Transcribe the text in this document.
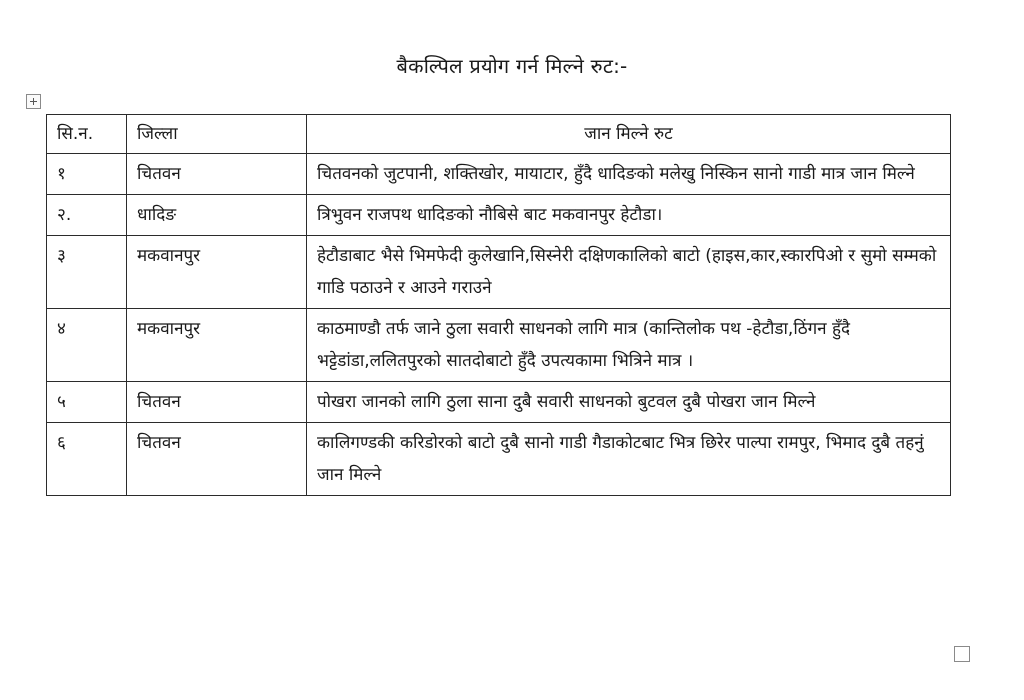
बैकल्पिल प्रयोग गर्न मिल्ने रुट:-
सि.न.	जिल्ला	जान मिल्ने रुट
१	चितवन	चितवनको जुटपानी, शक्तिखोर, मायाटार, हुँदै धादिङको मलेखु निस्किन सानो गाडी मात्र जान मिल्ने
२.	धादिङ	त्रिभुवन राजपथ धादिङको नौबिसे बाट मकवानपुर हेटौडा।
३	मकवानपुर	हेटौडाबाट भैसे भिमफेदी कुलेखानि,सिस्नेरी दक्षिणकालिको बाटो (हाइस,कार,स्कारपिओ र सुमो सम्मको गाडि पठाउने र आउने गराउने
४	मकवानपुर	काठमाण्डौ तर्फ जाने ठुला सवारी साधनको लागि मात्र (कान्तिलोक पथ -हेटौडा,ठिंगन हुँदै भट्टेडांडा,ललितपुरको सातदोबाटो हुँदै उपत्यकामा भित्रिने मात्र ।
५	चितवन	पोखरा जानको लागि ठुला साना दुबै सवारी साधनको बुटवल दुबै पोखरा जान मिल्ने
६	चितवन	कालिगण्डकी करिडोरको बाटो दुबै सानो गाडी गैडाकोटबाट भित्र छिरेर पाल्पा रामपुर, भिमाद दुबै तहनुं जान मिल्ने
